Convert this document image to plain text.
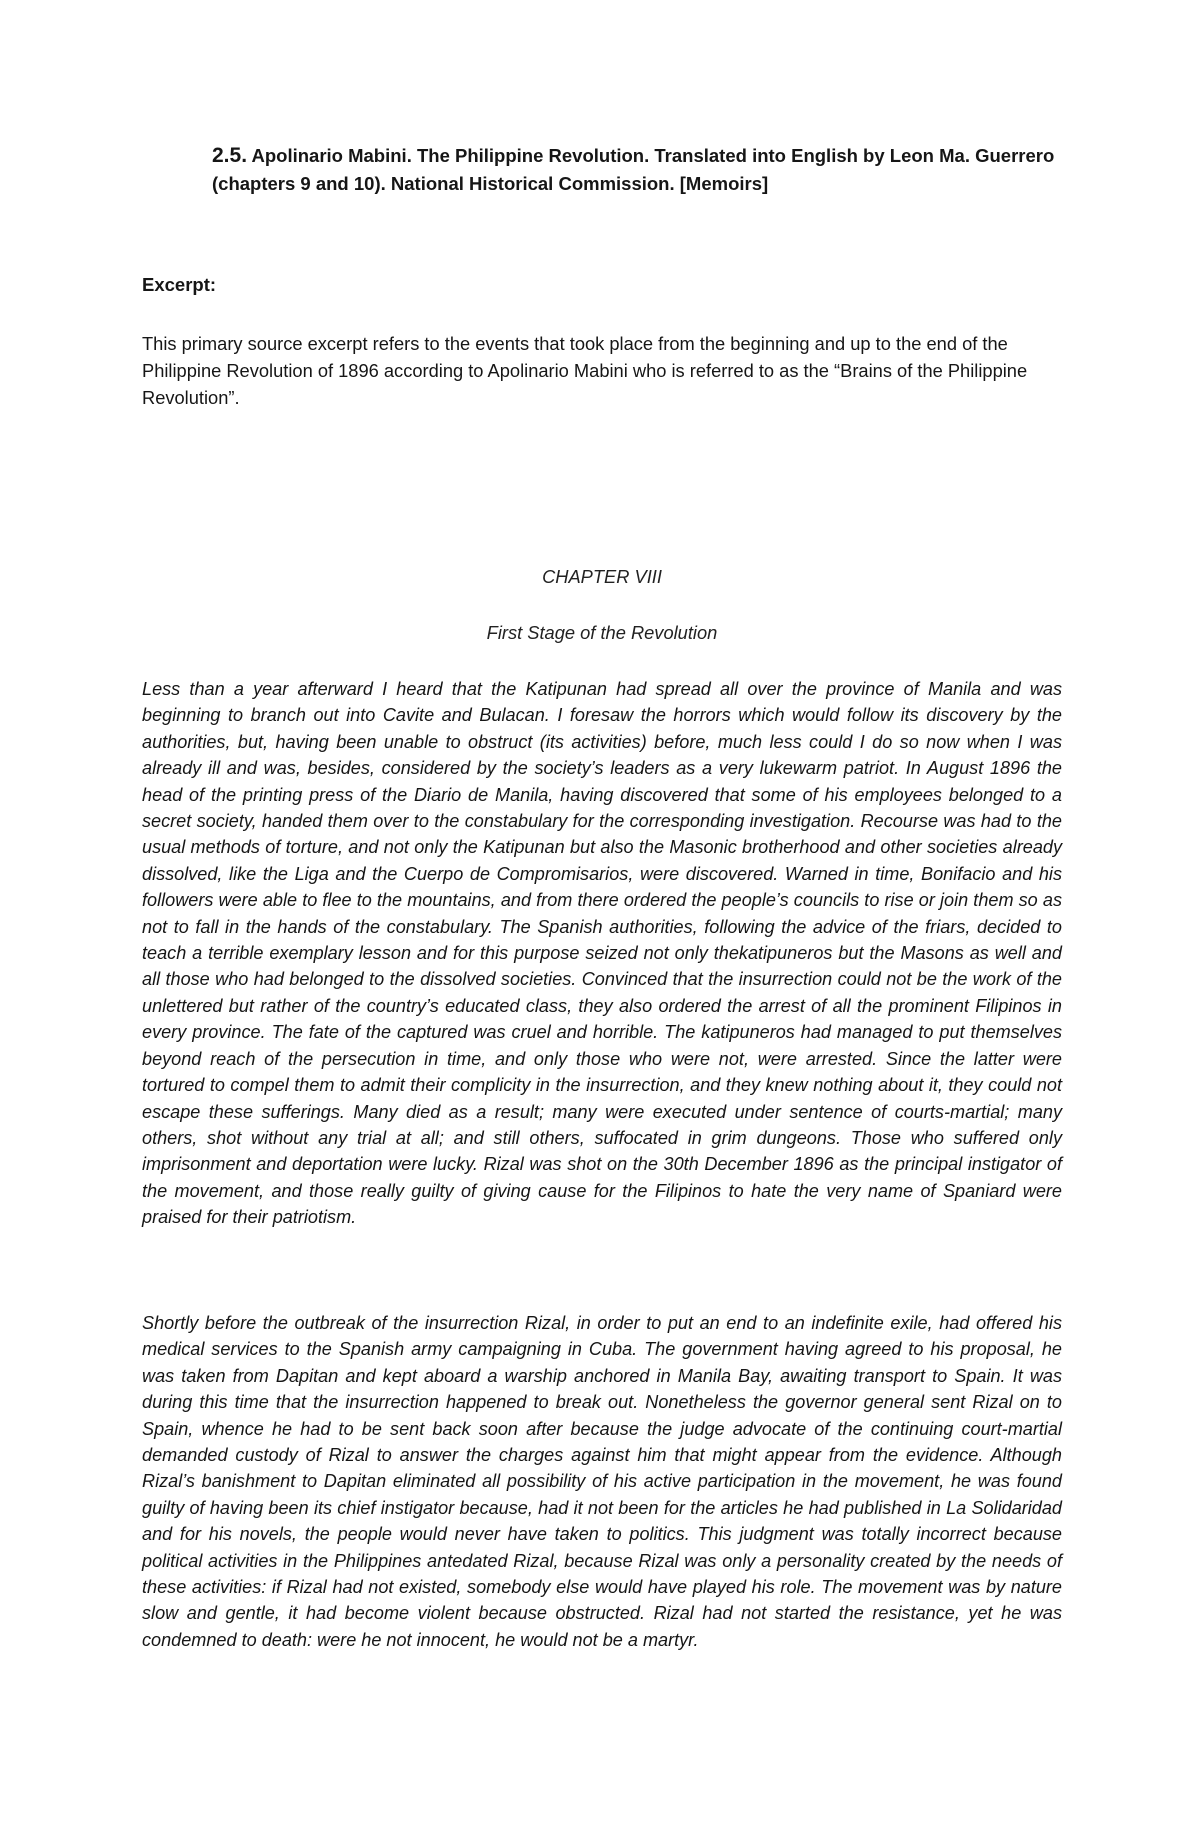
2.5. Apolinario Mabini. The Philippine Revolution. Translated into English by Leon Ma. Guerrero (chapters 9 and 10). National Historical Commission. [Memoirs]
Excerpt:
This primary source excerpt refers to the events that took place from the beginning and up to the end of the Philippine Revolution of 1896 according to Apolinario Mabini who is referred to as the “Brains of the Philippine Revolution”.
CHAPTER VIII
First Stage of the Revolution
Less than a year afterward I heard that the Katipunan had spread all over the province of Manila and was beginning to branch out into Cavite and Bulacan. I foresaw the horrors which would follow its discovery by the authorities, but, having been unable to obstruct (its activities) before, much less could I do so now when I was already ill and was, besides, considered by the society’s leaders as a very lukewarm patriot. In August 1896 the head of the printing press of the Diario de Manila, having discovered that some of his employees belonged to a secret society, handed them over to the constabulary for the corresponding investigation. Recourse was had to the usual methods of torture, and not only the Katipunan but also the Masonic brotherhood and other societies already dissolved, like the Liga and the Cuerpo de Compromisarios, were discovered. Warned in time, Bonifacio and his followers were able to flee to the mountains, and from there ordered the people’s councils to rise or join them so as not to fall in the hands of the constabulary. The Spanish authorities, following the advice of the friars, decided to teach a terrible exemplary lesson and for this purpose seized not only thekatipuneros but the Masons as well and all those who had belonged to the dissolved societies. Convinced that the insurrection could not be the work of the unlettered but rather of the country’s educated class, they also ordered the arrest of all the prominent Filipinos in every province. The fate of the captured was cruel and horrible. The katipuneros had managed to put themselves beyond reach of the persecution in time, and only those who were not, were arrested. Since the latter were tortured to compel them to admit their complicity in the insurrection, and they knew nothing about it, they could not escape these sufferings. Many died as a result; many were executed under sentence of courts-martial; many others, shot without any trial at all; and still others, suffocated in grim dungeons. Those who suffered only imprisonment and deportation were lucky. Rizal was shot on the 30th December 1896 as the principal instigator of the movement, and those really guilty of giving cause for the Filipinos to hate the very name of Spaniard were praised for their patriotism.
Shortly before the outbreak of the insurrection Rizal, in order to put an end to an indefinite exile, had offered his medical services to the Spanish army campaigning in Cuba. The government having agreed to his proposal, he was taken from Dapitan and kept aboard a warship anchored in Manila Bay, awaiting transport to Spain. It was during this time that the insurrection happened to break out. Nonetheless the governor general sent Rizal on to Spain, whence he had to be sent back soon after because the judge advocate of the continuing court-martial demanded custody of Rizal to answer the charges against him that might appear from the evidence. Although Rizal’s banishment to Dapitan eliminated all possibility of his active participation in the movement, he was found guilty of having been its chief instigator because, had it not been for the articles he had published in La Solidaridad and for his novels, the people would never have taken to politics. This judgment was totally incorrect because political activities in the Philippines antedated Rizal, because Rizal was only a personality created by the needs of these activities: if Rizal had not existed, somebody else would have played his role. The movement was by nature slow and gentle, it had become violent because obstructed. Rizal had not started the resistance, yet he was condemned to death: were he not innocent, he would not be a martyr.
